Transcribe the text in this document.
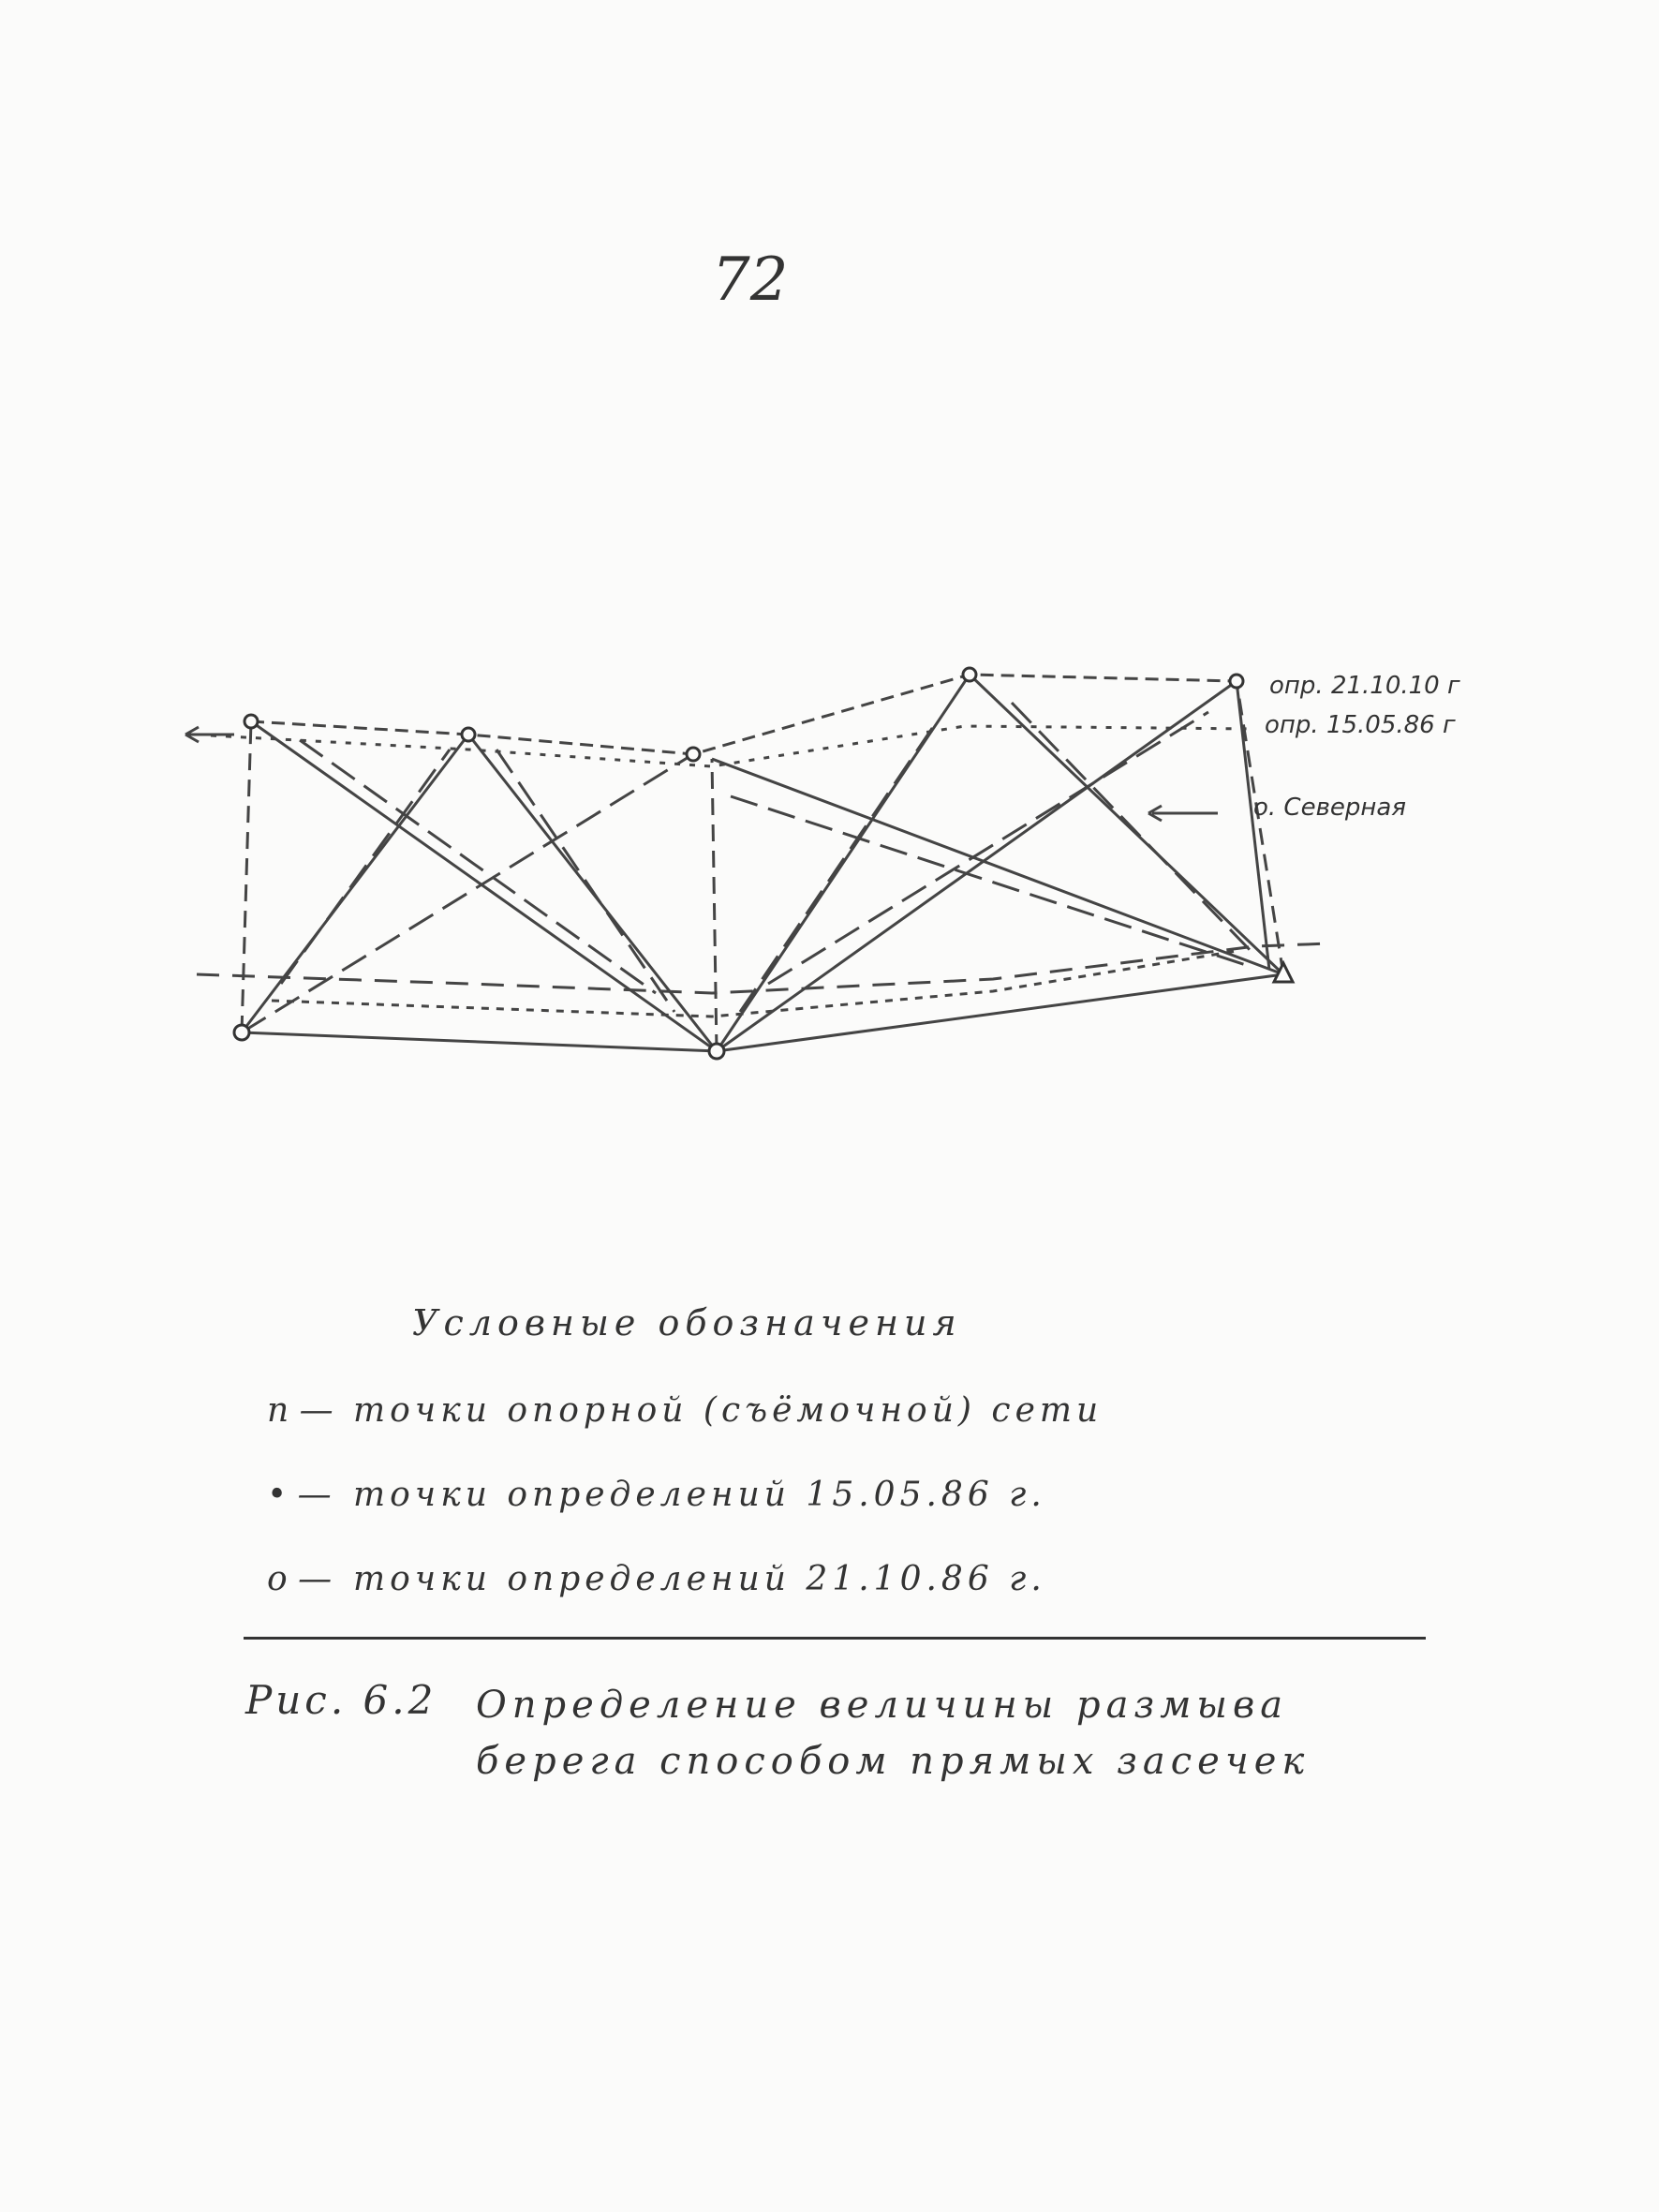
72
опр. 21.10.10 г
опр. 15.05.86 г
о. Северная
Условные обозначения
п — точки опорной (съёмочной) сети
• — точки определений 15.05.86 г.
о — точки определений 21.10.86 г.
Рис. 6.2 Определение величины размыва берега способом прямых засечек
